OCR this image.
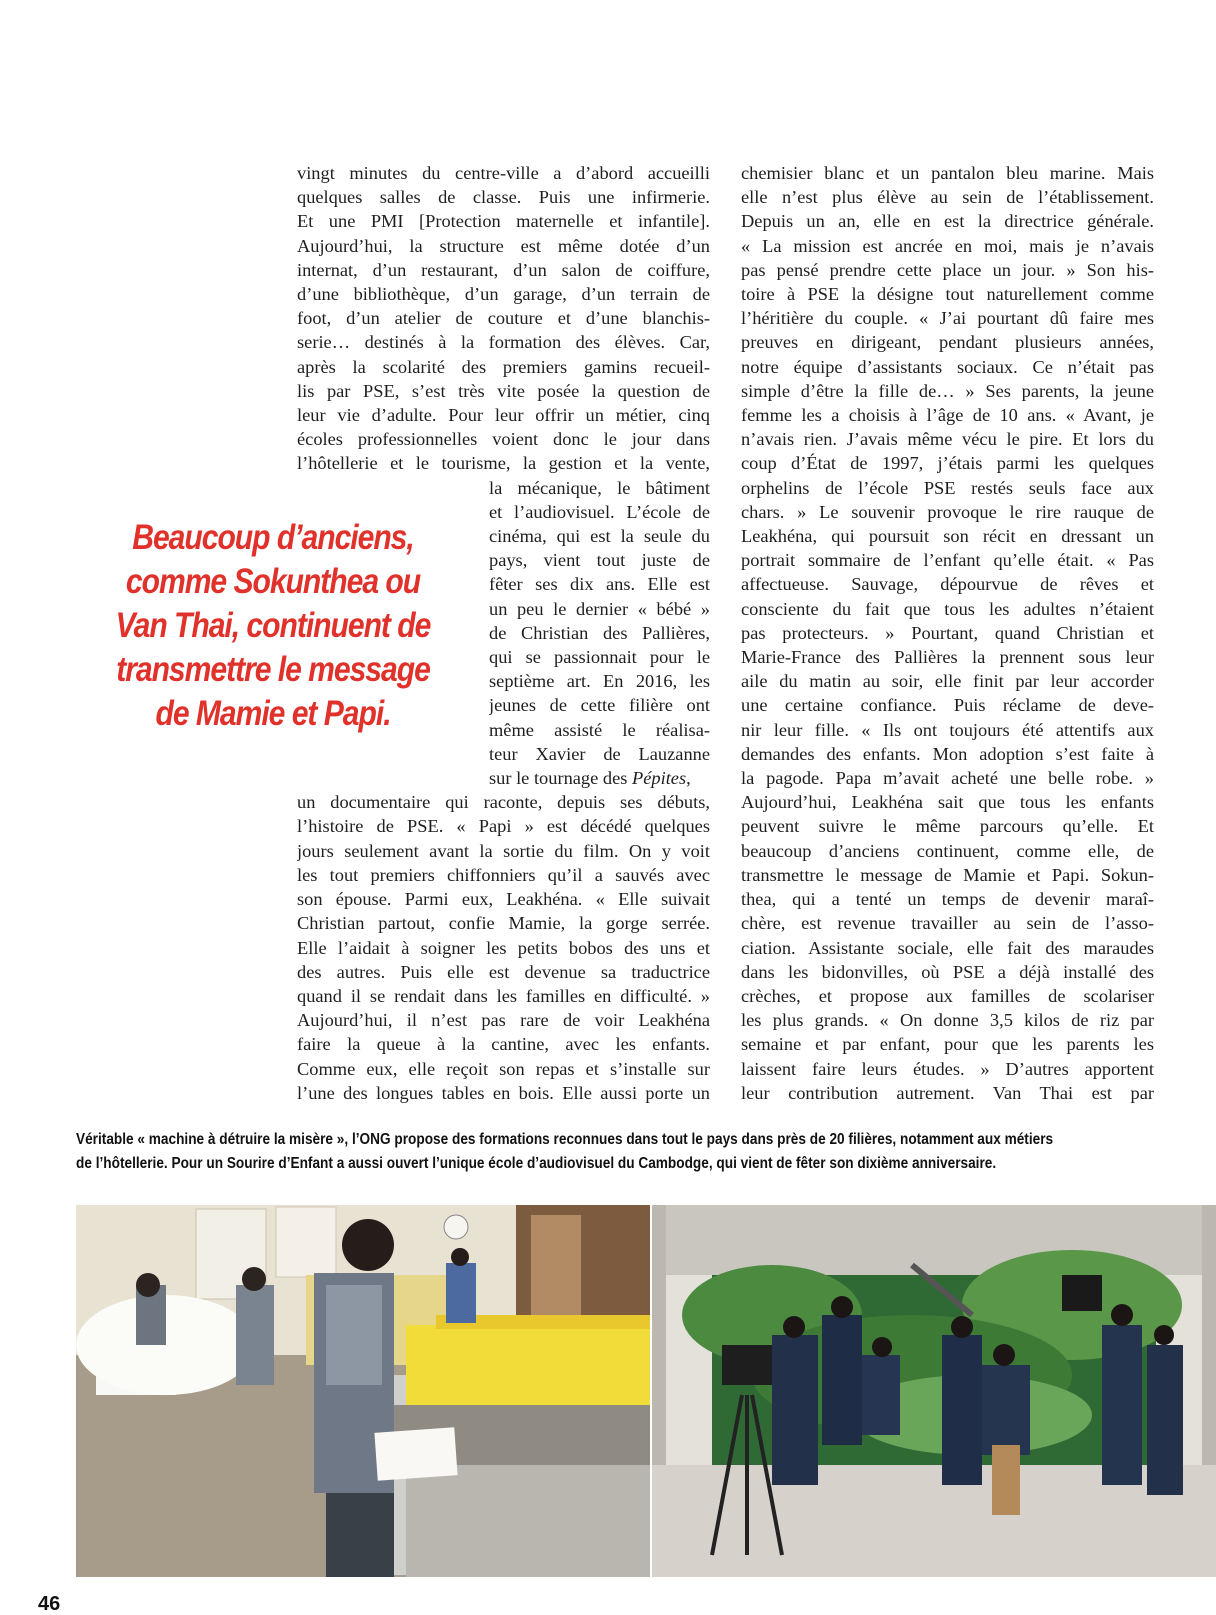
vingt minutes du centre-ville a d’abord accueilli
quelques salles de classe. Puis une infirmerie.
Et une PMI [Protection maternelle et infantile].
Aujourd’hui, la structure est même dotée d’un
internat, d’un restaurant, d’un salon de coiffure,
d’une bibliothèque, d’un garage, d’un terrain de
foot, d’un atelier de couture et d’une blanchis-
serie… destinés à la formation des élèves. Car,
après la scolarité des premiers gamins recueil-
lis par PSE, s’est très vite posée la question de
leur vie d’adulte. Pour leur offrir un métier, cinq
écoles professionnelles voient donc le jour dans
l’hôtellerie et le tourisme, la gestion et la vente,
la mécanique, le bâtiment
et l’audiovisuel. L’école de
cinéma, qui est la seule du
pays, vient tout juste de
fêter ses dix ans. Elle est
un peu le dernier « bébé »
de Christian des Pallières,
qui se passionnait pour le
septième art. En 2016, les
jeunes de cette filière ont
même assisté le réalisa-
teur Xavier de Lauzanne
sur le tournage des Pépites,
un documentaire qui raconte, depuis ses débuts,
l’histoire de PSE. « Papi » est décédé quelques
jours seulement avant la sortie du film. On y voit
les tout premiers chiffonniers qu’il a sauvés avec
son épouse. Parmi eux, Leakhéna. « Elle suivait
Christian partout, confie Mamie, la gorge serrée.
Elle l’aidait à soigner les petits bobos des uns et
des autres. Puis elle est devenue sa traductrice
quand il se rendait dans les familles en difficulté. »
Aujourd’hui, il n’est pas rare de voir Leakhéna
faire la queue à la cantine, avec les enfants.
Comme eux, elle reçoit son repas et s’installe sur
l’une des longues tables en bois. Elle aussi porte un
Beaucoup d’anciens,
comme Sokunthea ou
Van Thai, continuent de
transmettre le message
de Mamie et Papi.
chemisier blanc et un pantalon bleu marine. Mais
elle n’est plus élève au sein de l’établissement.
Depuis un an, elle en est la directrice générale.
« La mission est ancrée en moi, mais je n’avais
pas pensé prendre cette place un jour. » Son his-
toire à PSE la désigne tout naturellement comme
l’héritière du couple. « J’ai pourtant dû faire mes
preuves en dirigeant, pendant plusieurs années,
notre équipe d’assistants sociaux. Ce n’était pas
simple d’être la fille de… » Ses parents, la jeune
femme les a choisis à l’âge de 10 ans. « Avant, je
n’avais rien. J’avais même vécu le pire. Et lors du
coup d’État de 1997, j’étais parmi les quelques
orphelins de l’école PSE restés seuls face aux
chars. » Le souvenir provoque le rire rauque de
Leakhéna, qui poursuit son récit en dressant un
portrait sommaire de l’enfant qu’elle était. « Pas
affectueuse. Sauvage, dépourvue de rêves et
consciente du fait que tous les adultes n’étaient
pas protecteurs. » Pourtant, quand Christian et
Marie-France des Pallières la prennent sous leur
aile du matin au soir, elle finit par leur accorder
une certaine confiance. Puis réclame de deve-
nir leur fille. « Ils ont toujours été attentifs aux
demandes des enfants. Mon adoption s’est faite à
la pagode. Papa m’avait acheté une belle robe. »
Aujourd’hui, Leakhéna sait que tous les enfants
peuvent suivre le même parcours qu’elle. Et
beaucoup d’anciens continuent, comme elle, de
transmettre le message de Mamie et Papi. Sokun-
thea, qui a tenté un temps de devenir maraî-
chère, est revenue travailler au sein de l’asso-
ciation. Assistante sociale, elle fait des maraudes
dans les bidonvilles, où PSE a déjà installé des
crèches, et propose aux familles de scolariser
les plus grands. « On donne 3,5 kilos de riz par
semaine et par enfant, pour que les parents les
laissent faire leurs études. » D’autres apportent
leur contribution autrement. Van Thai est par
Véritable « machine à détruire la misère », l’ONG propose des formations reconnues dans tout le pays dans près de 20 filières, notamment aux métiers
de l’hôtellerie. Pour un Sourire d’Enfant a aussi ouvert l’unique école d’audiovisuel du Cambodge, qui vient de fêter son dixième anniversaire.
46
